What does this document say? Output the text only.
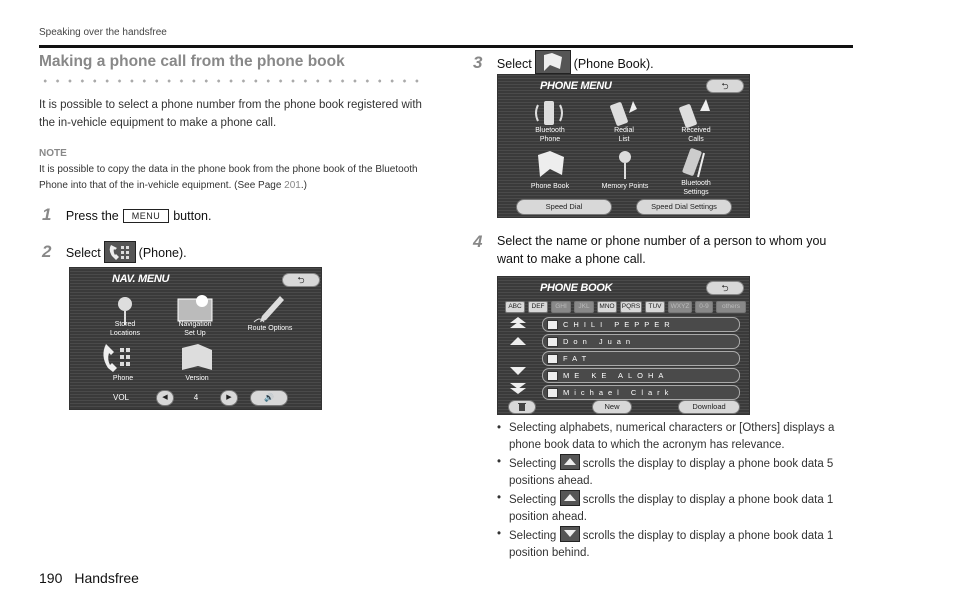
Speaking over the handsfree
Making a phone call from the phone book
It is possible to select a phone number from the phone book registered with the in-vehicle equipment to make a phone call.
NOTE
It is possible to copy the data in the phone book from the phone book of the Bluetooth Phone into that of the in-vehicle equipment. (See Page 201.)
1 Press the MENU button.
2 Select	(Phone).
NAV. MENU	⮌
Stored
Locations
Navigation
Set Up
Route Options
Phone	Version
VOL	◀	4	▶	🔊
3 Select	(Phone Book).
PHONE MENU	⮌
Bluetooth
Phone
Redial
List
Received
Calls
Phone Book	Memory Points	Bluetooth
Settings
Speed Dial	Speed Dial Settings
4 Select the name or phone number of a person to whom you want to make a phone call.
PHONE BOOK	⮌
ABC	DEF	GHI	JKL	MNO	PQRS	TUV	WXYZ	0-9	others
CHILI PEPPER
Don Juan
FAT
ME KE ALOHA
Michael Clark
New	Download
• Selecting alphabets, numerical characters or [Others] displays a phone book data to which the acronym has relevance.
• Selecting scrolls the display to display a phone book data 5 positions ahead.
• Selecting scrolls the display to display a phone book data 1 position ahead.
• Selecting scrolls the display to display a phone book data 1 position behind.
190 Handsfree
